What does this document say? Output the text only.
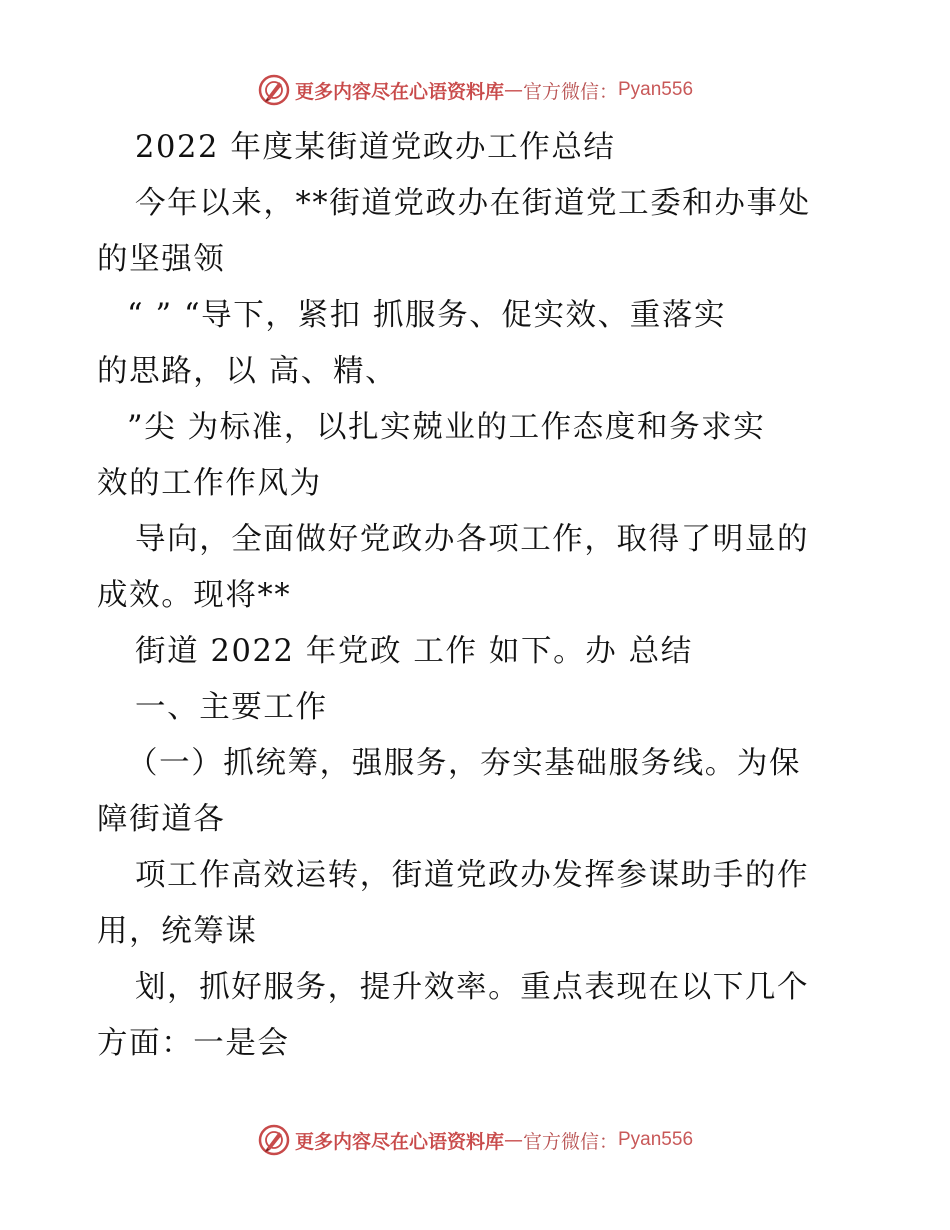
更多内容尽在心语资料库 — 官方微信： Pyan556
2022 年度某街道党政办工作总结
今年以来，**街道党政办在街道党工委和办事处
的坚强领
“ ” “导下，紧扣 抓服务、促实效、重落实
的思路，以 高、精、
”尖 为标准，以扎实兢业的工作态度和务求实
效的工作作风为
导向，全面做好党政办各项工作，取得了明显的
成效。现将**
街道 2022 年党政 工作 如下。办 总结
一、主要工作
（一）抓统筹，强服务，夯实基础服务线。为保
障街道各
项工作高效运转，街道党政办发挥参谋助手的作
用，统筹谋
划，抓好服务，提升效率。重点表现在以下几个
方面：一是会
更多内容尽在心语资料库 — 官方微信： Pyan556
